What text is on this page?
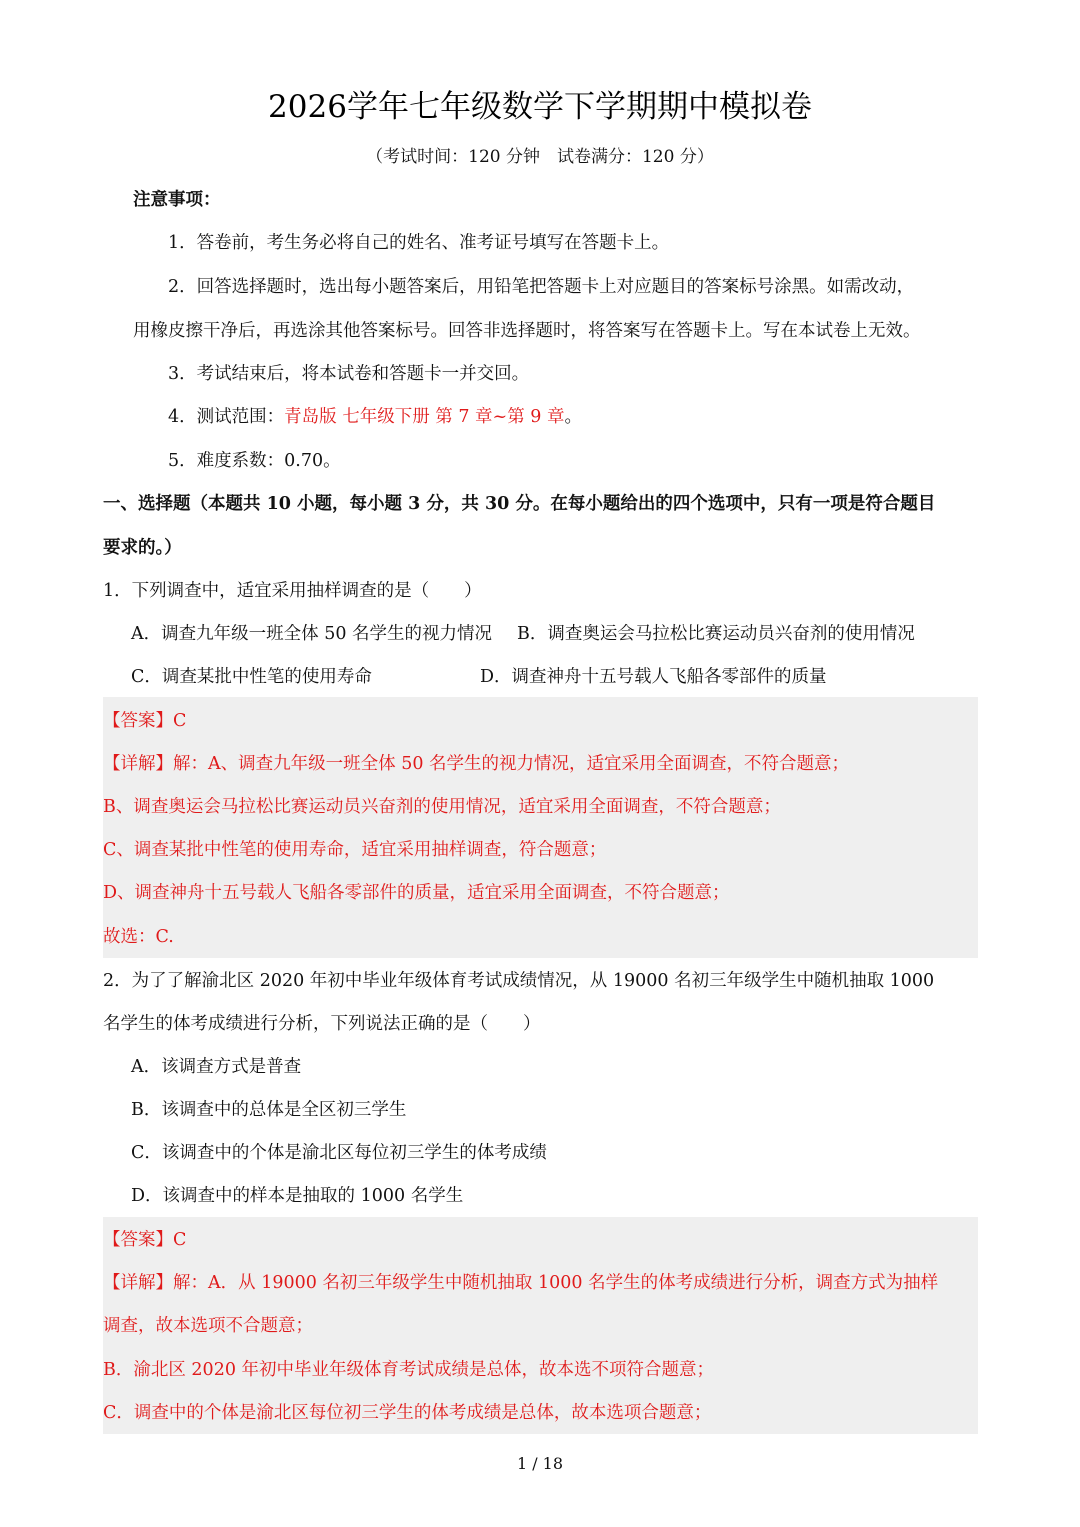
2026学年七年级数学下学期期中模拟卷
（考试时间：120 分钟　试卷满分：120 分）
注意事项：
1．答卷前，考生务必将自己的姓名、准考证号填写在答题卡上。
2．回答选择题时，选出每小题答案后，用铅笔把答题卡上对应题目的答案标号涂黑。如需改动，
用橡皮擦干净后，再选涂其他答案标号。回答非选择题时，将答案写在答题卡上。写在本试卷上无效。
3．考试结束后，将本试卷和答题卡一并交回。
4．测试范围：青岛版 七年级下册 第 7 章~第 9 章。
5．难度系数：0.70。
一、选择题（本题共 10 小题，每小题 3 分，共 30 分。在每小题给出的四个选项中，只有一项是符合题目
要求的。）
1．下列调查中，适宜采用抽样调查的是（　　）
A．调查九年级一班全体 50 名学生的视力情况 B．调查奥运会马拉松比赛运动员兴奋剂的使用情况
C．调查某批中性笔的使用寿命	D．调查神舟十五号载人飞船各零部件的质量
【答案】C
【详解】解：A、调查九年级一班全体 50 名学生的视力情况，适宜采用全面调查，不符合题意；
B、调查奥运会马拉松比赛运动员兴奋剂的使用情况，适宜采用全面调查，不符合题意；
C、调查某批中性笔的使用寿命，适宜采用抽样调查，符合题意；
D、调查神舟十五号载人飞船各零部件的质量，适宜采用全面调查，不符合题意；
故选：C.
2．为了了解渝北区 2020 年初中毕业年级体育考试成绩情况，从 19000 名初三年级学生中随机抽取 1000
名学生的体考成绩进行分析，下列说法正确的是（　　）
A．该调查方式是普查
B．该调查中的总体是全区初三学生
C．该调查中的个体是渝北区每位初三学生的体考成绩
D．该调查中的样本是抽取的 1000 名学生
【答案】C
【详解】解：A．从 19000 名初三年级学生中随机抽取 1000 名学生的体考成绩进行分析，调查方式为抽样
调查，故本选项不合题意；
B．渝北区 2020 年初中毕业年级体育考试成绩是总体，故本选不项符合题意；
C．调查中的个体是渝北区每位初三学生的体考成绩是总体，故本选项合题意；
1 / 18
